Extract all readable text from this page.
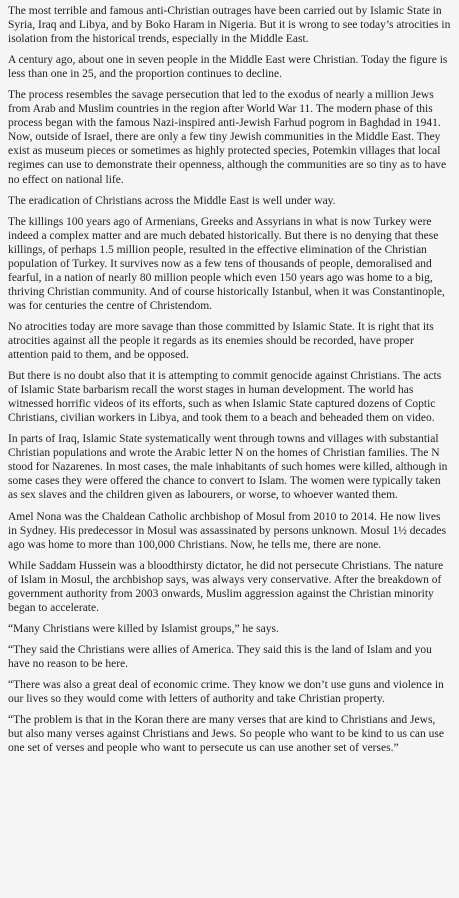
The most terrible and famous anti-Christian outrages have been carried out by Islamic State in Syria, Iraq and Libya, and by Boko Haram in Nigeria. But it is wrong to see today’s atrocities in isolation from the historical trends, especially in the Middle East.

A century ago, about one in seven people in the Middle East were Christian. Today the figure is less than one in 25, and the proportion continues to decline.

The process resembles the savage persecution that led to the exodus of nearly a million Jews from Arab and Muslim countries in the region after World War 11. The modern phase of this process began with the famous Nazi-inspired anti-Jewish Farhud pogrom in Baghdad in 1941. Now, outside of Israel, there are only a few tiny Jewish communities in the Middle East. They exist as museum pieces or sometimes as highly protected species, Potemkin villages that local regimes can use to demonstrate their openness, although the communities are so tiny as to have no effect on national life.

The eradication of Christians across the Middle East is well under way.

The killings 100 years ago of Armenians, Greeks and Assyrians in what is now Turkey were indeed a complex matter and are much debated historically. But there is no denying that these killings, of perhaps 1.5 million people, resulted in the effective elimination of the Christian population of Turkey. It survives now as a few tens of thousands of people, demoralised and fearful, in a nation of nearly 80 million people which even 150 years ago was home to a big, thriving Christian community. And of course historically Istanbul, when it was Constantinople, was for centuries the centre of Christendom.

No atrocities today are more savage than those committed by Islamic State. It is right that its atrocities against all the people it regards as its enemies should be recorded, have proper attention paid to them, and be opposed.

But there is no doubt also that it is attempting to commit genocide against Christians. The acts of Islamic State barbarism recall the worst stages in human development. The world has witnessed horrific videos of its efforts, such as when Islamic State captured dozens of Coptic Christians, civilian workers in Libya, and took them to a beach and beheaded them on video.

In parts of Iraq, Islamic State systematically went through towns and villages with substantial Christian populations and wrote the Arabic letter N on the homes of Christian families. The N stood for Nazarenes. In most cases, the male inhabitants of such homes were killed, although in some cases they were offered the chance to convert to Islam. The women were typically taken as sex slaves and the children given as labourers, or worse, to whoever wanted them.

Amel Nona was the Chaldean Catholic archbishop of Mosul from 2010 to 2014. He now lives in Sydney. His predecessor in Mosul was assassinated by persons unknown. Mosul 1½ decades ago was home to more than 100,000 Christians. Now, he tells me, there are none.

While Saddam Hussein was a bloodthirsty dictator, he did not persecute Christians. The nature of Islam in Mosul, the archbishop says, was always very conservative. After the breakdown of government authority from 2003 onwards, Muslim aggression against the Christian minority began to accelerate.

“Many Christians were killed by Islamist groups,” he says.

“They said the Christians were allies of America. They said this is the land of Islam and you have no reason to be here.

“There was also a great deal of economic crime. They know we don’t use guns and violence in our lives so they would come with letters of authority and take Christian property.

“The problem is that in the Koran there are many verses that are kind to Christians and Jews, but also many verses against Christians and Jews. So people who want to be kind to us can use one set of verses and people who want to persecute us can use another set of verses.”
